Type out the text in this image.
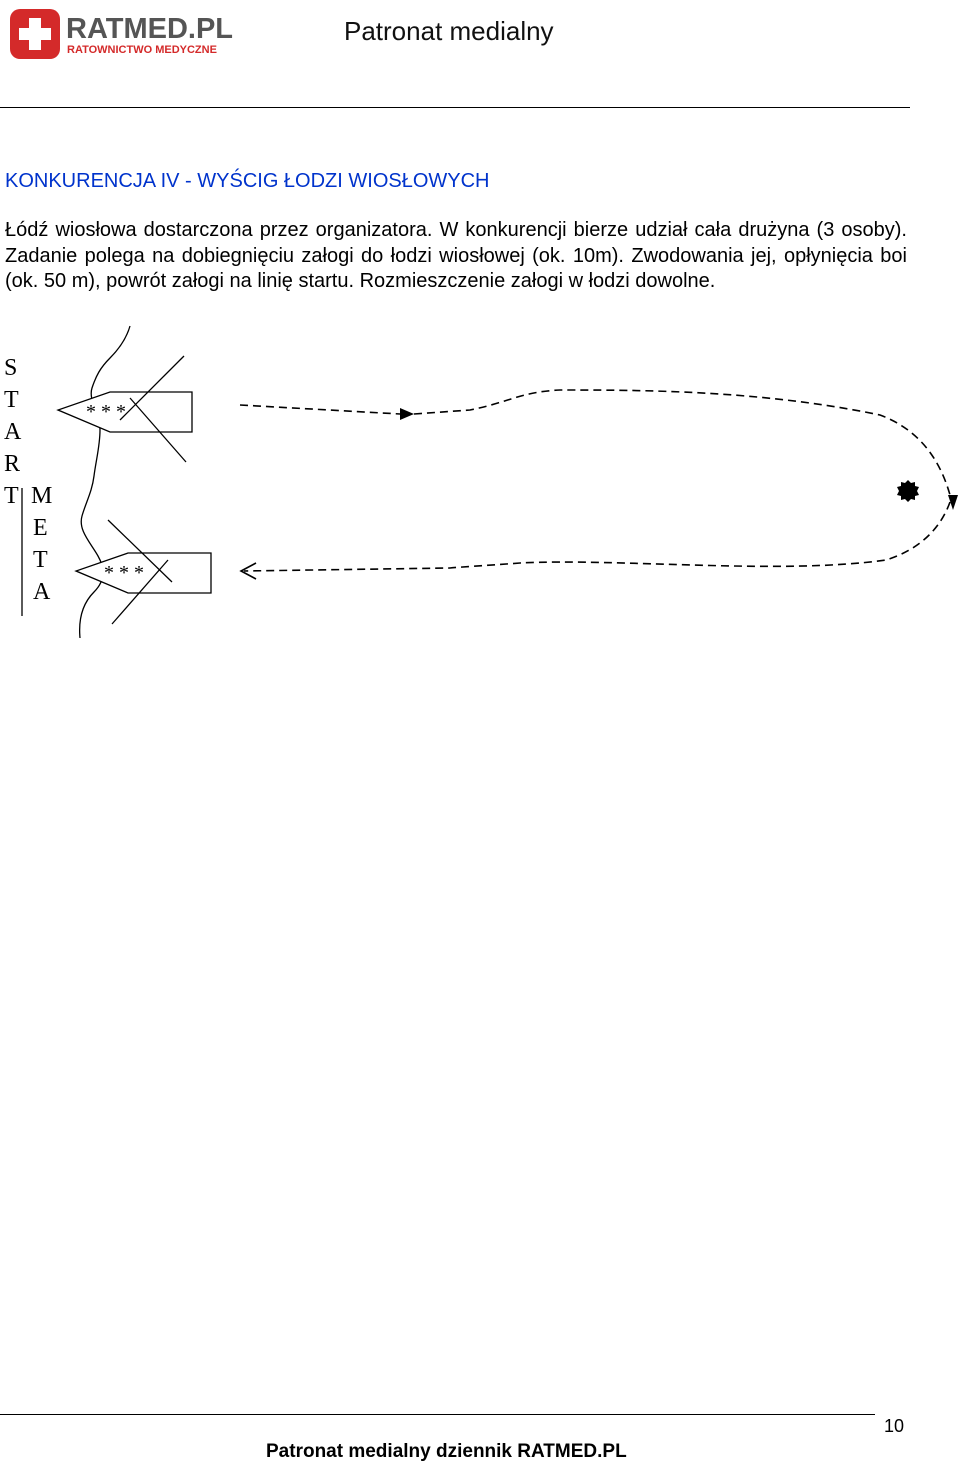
RATMED.PL
RATOWNICTWO MEDYCZNE
Patronat medialny
KONKURENCJA IV - WYŚCIG ŁODZI WIOSŁOWYCH

Łódź wiosłowa dostarczona przez organizatora. W konkurencji bierze udział cała drużyna (3 osoby). Zadanie polega na dobiegnięciu załogi do łodzi wiosłowej (ok. 10m). Zwodowania jej, opłynięcia boi (ok. 50 m), powrót załogi na linię startu. Rozmieszczenie załogi w łodzi dowolne.

S
T
A
R
T M
E
T
A
* * *
* * *
10
Patronat medialny dziennik RATMED.PL
